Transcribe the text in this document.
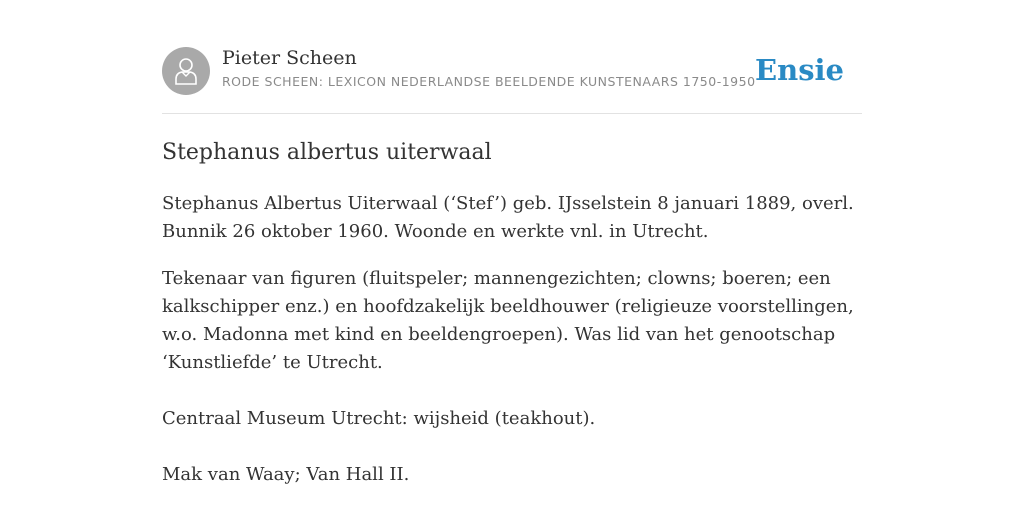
Pieter Scheen
RODE SCHEEN: LEXICON NEDERLANDSE BEELDENDE KUNSTENAARS 1750-1950 Ensie
Stephanus albertus uiterwaal

Stephanus Albertus Uiterwaal (‘Stef’) geb. IJsselstein 8 januari 1889, overl. Bunnik 26 oktober 1960. Woonde en werkte vnl. in Utrecht.

Tekenaar van figuren (fluitspeler; mannengezichten; clowns; boeren; een kalkschipper enz.) en hoofdzakelijk beeldhouwer (religieuze voorstellingen, w.o. Madonna met kind en beeldengroepen). Was lid van het genootschap ‘Kunstliefde’ te Utrecht.

Centraal Museum Utrecht: wijsheid (teakhout).

Mak van Waay; Van Hall II.
